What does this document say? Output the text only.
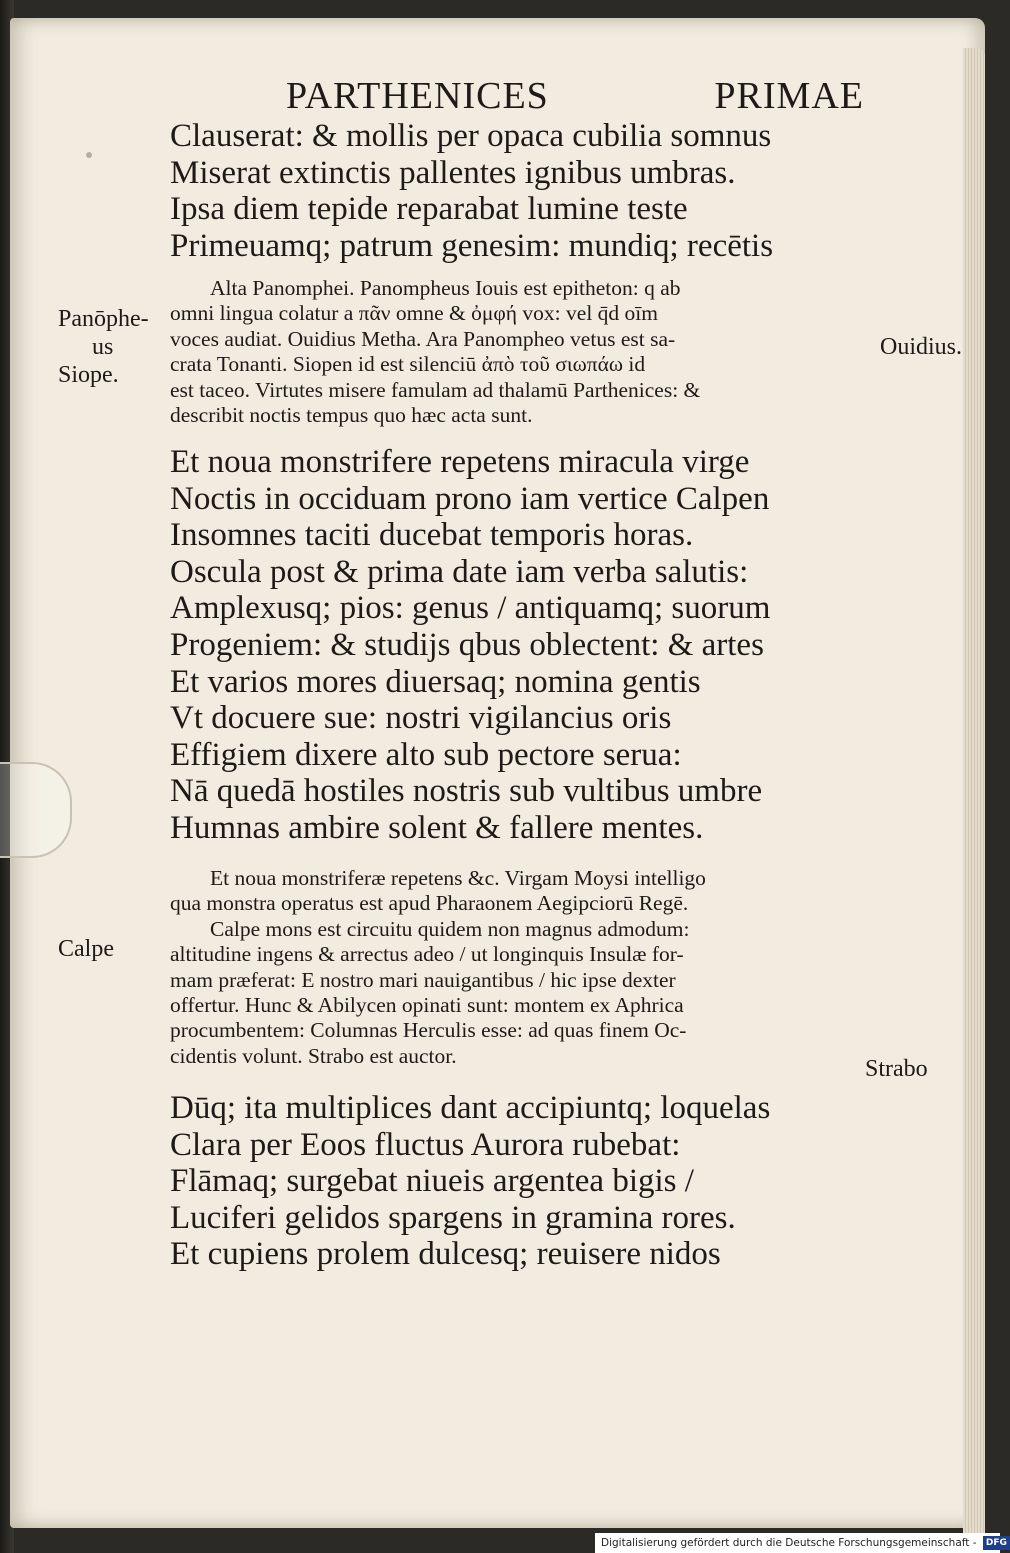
PARTHENICES	PRIMAE
Clauserat: & mollis per opaca cubilia somnus
Miserat extinctis pallentes ignibus umbras.
Ipsa diem tepide reparabat lumine teste
Primeuamq; patrum genesim: mundiq; recētis
Alta Panomphei. Panompheus Iouis est epitheton: q ab
omni lingua colatur a πᾶν omne & ὀμφή vox: vel q̄d oīm
voces audiat. Ouidius Metha. Ara Panompheo vetus est sa-
crata Tonanti. Siopen id est silenciū ἀπὸ τοῦ σιωπάω id
est taceo. Virtutes misere famulam ad thalamū Parthenices: &
describit noctis tempus quo hæc acta sunt.
Et noua monstrifere repetens miracula virge
Noctis in occiduam prono iam vertice Calpen
Insomnes taciti ducebat temporis horas.
Oscula post & prima date iam verba salutis:
Amplexusq; pios: genus / antiquamq; suorum
Progeniem: & studijs qbus oblectent: & artes
Et varios mores diuersaq; nomina gentis
Vt docuere sue: nostri vigilancius oris
Effigiem dixere alto sub pectore serua:
Nā quedā hostiles nostris sub vultibus umbre
Humnas ambire solent & fallere mentes.
Et noua monstriferæ repetens &c. Virgam Moysi intelligo
qua monstra operatus est apud Pharaonem Aegipciorū Regē.
Calpe mons est circuitu quidem non magnus admodum:
altitudine ingens & arrectus adeo / ut longinquis Insulæ for-
mam præferat: E nostro mari nauigantibus / hic ipse dexter
offertur. Hunc & Abilycen opinati sunt: montem ex Aphrica
procumbentem: Columnas Herculis esse: ad quas finem Oc-
cidentis volunt. Strabo est auctor.
Dūq; ita multiplices dant accipiuntq; loquelas
Clara per Eoos fluctus Aurora rubebat:
Flāmaq; surgebat niueis argentea bigis /
Luciferi gelidos spargens in gramina rores.
Et cupiens prolem dulcesq; reuisere nidos
Panōphe-
us
Siope.
Ouidius.
Calpe
Strabo
Digitalisierung gefördert durch die Deutsche Forschungsgemeinschaft - DFG
